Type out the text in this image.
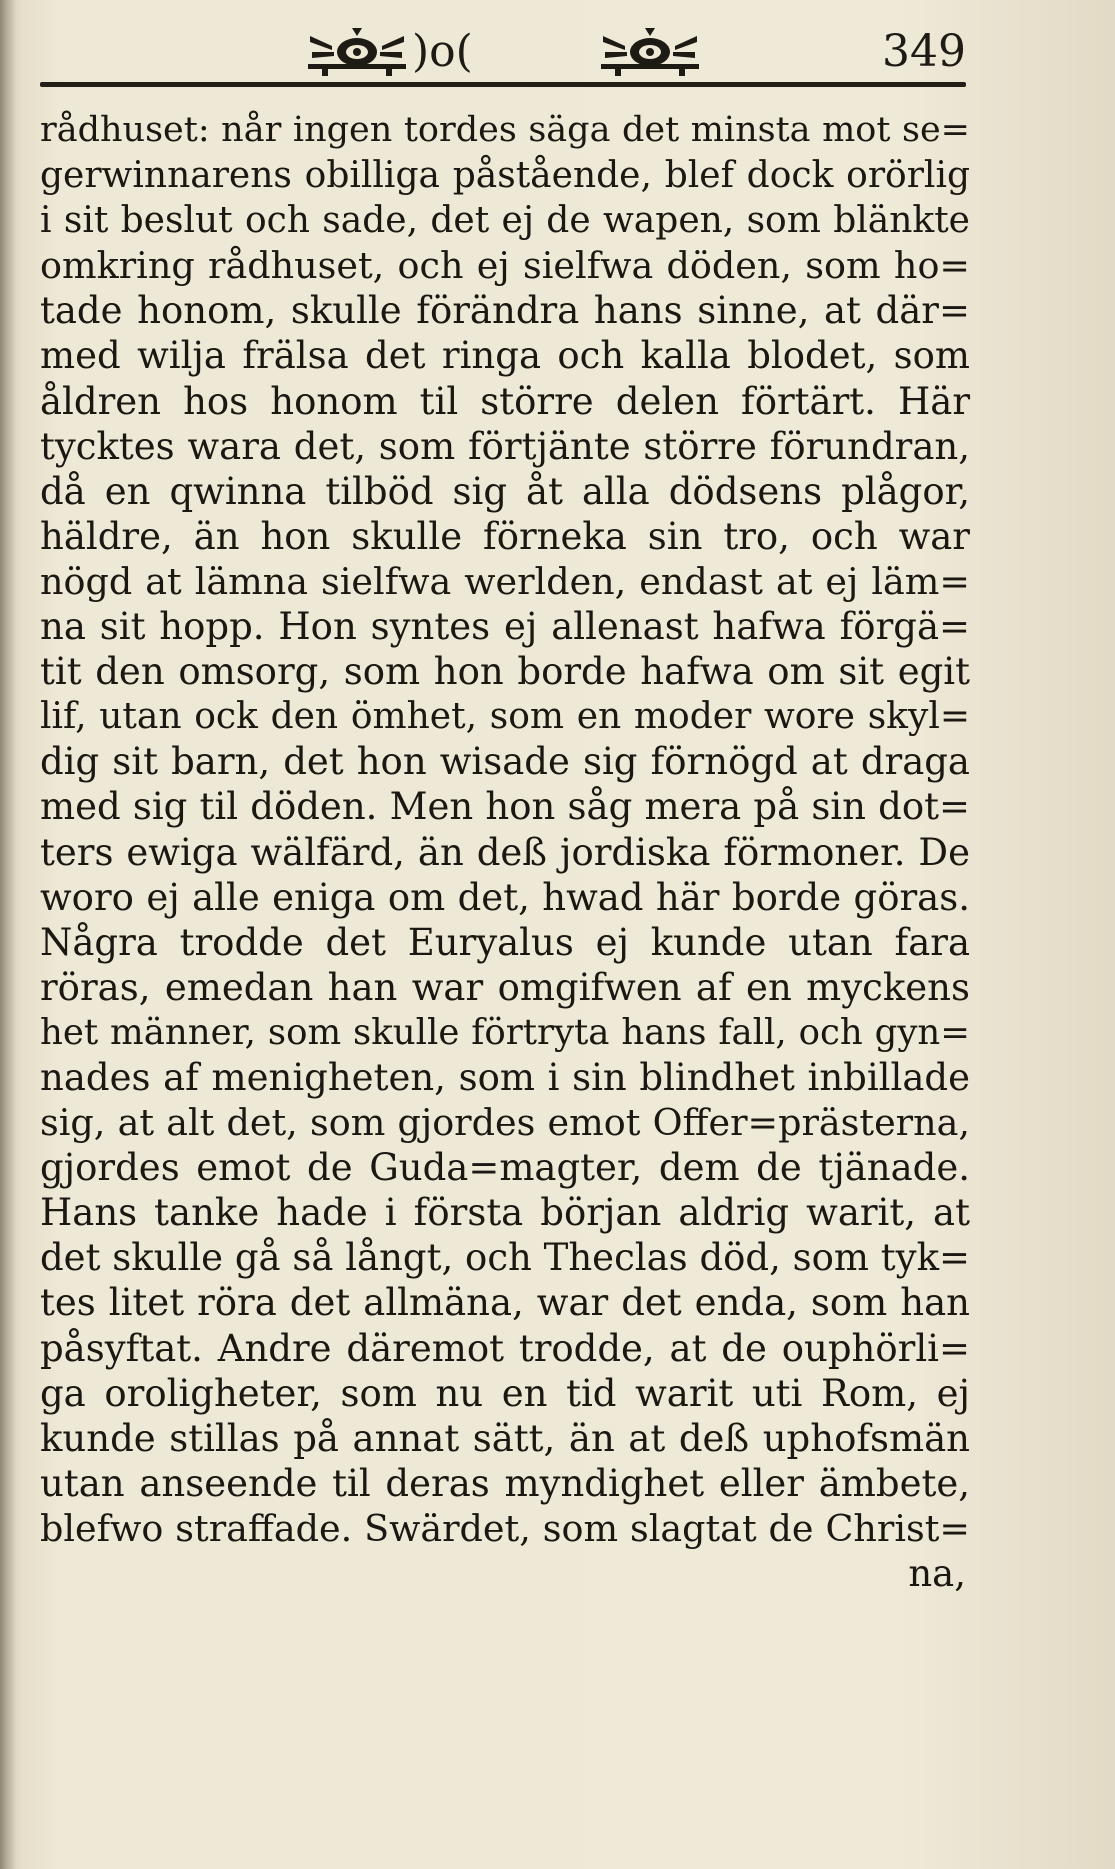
)o(	349
rådhuset: når ingen tordes säga det minsta mot se=
gerwinnarens obilliga påstående, blef dock orörlig
i sit beslut och sade, det ej de wapen, som blänkte
omkring rådhuset, och ej sielfwa döden, som ho=
tade honom, skulle förändra hans sinne, at där=
med wilja frälsa det ringa och kalla blodet, som
åldren hos honom til större delen förtärt. Här
tycktes wara det, som förtjänte större förundran,
då en qwinna tilböd sig åt alla dödsens plågor,
häldre, än hon skulle förneka sin tro, och war
nögd at lämna sielfwa werlden, endast at ej läm=
na sit hopp. Hon syntes ej allenast hafwa förgä=
tit den omsorg, som hon borde hafwa om sit egit
lif, utan ock den ömhet, som en moder wore skyl=
dig sit barn, det hon wisade sig förnögd at draga
med sig til döden. Men hon såg mera på sin dot=
ters ewiga wälfärd, än deß jordiska förmoner. De
woro ej alle eniga om det, hwad här borde göras.
Några trodde det Euryalus ej kunde utan fara
röras, emedan han war omgifwen af en myckens
het männer, som skulle förtryta hans fall, och gyn=
nades af menigheten, som i sin blindhet inbillade
sig, at alt det, som gjordes emot Offer=prästerna,
gjordes emot de Guda=magter, dem de tjänade.
Hans tanke hade i första början aldrig warit, at
det skulle gå så långt, och Theclas död, som tyk=
tes litet röra det allmäna, war det enda, som han
påsyftat. Andre däremot trodde, at de ouphörli=
ga oroligheter, som nu en tid warit uti Rom, ej
kunde stillas på annat sätt, än at deß uphofsmän
utan anseende til deras myndighet eller ämbete,
blefwo straffade. Swärdet, som slagtat de Christ=
na,
